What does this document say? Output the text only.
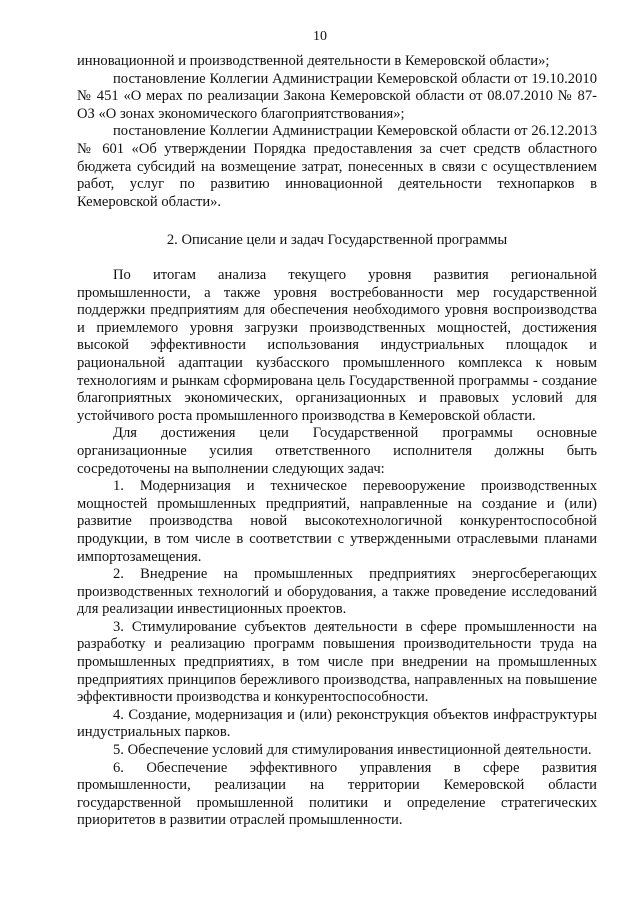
10

инновационной и производственной деятельности в Кемеровской области»;

постановление Коллегии Администрации Кемеровской области от 19.10.2010 № 451 «О мерах по реализации Закона Кемеровской области от 08.07.2010 № 87-ОЗ «О зонах экономического благоприятствования»;

постановление Коллегии Администрации Кемеровской области от 26.12.2013 № 601 «Об утверждении Порядка предоставления за счет средств областного бюджета субсидий на возмещение затрат, понесенных в связи с осуществлением работ, услуг по развитию инновационной деятельности технопарков в Кемеровской области».

2. Описание цели и задач Государственной программы

По итогам анализа текущего уровня развития региональной промышленности, а также уровня востребованности мер государственной поддержки предприятиям для обеспечения необходимого уровня воспроизводства и приемлемого уровня загрузки производственных мощностей, достижения высокой эффективности использования индустриальных площадок и рациональной адаптации кузбасского промышленного комплекса к новым технологиям и рынкам сформирована цель Государственной программы - создание благоприятных экономических, организационных и правовых условий для устойчивого роста промышленного производства в Кемеровской области.

Для достижения цели Государственной программы основные организационные усилия ответственного исполнителя должны быть сосредоточены на выполнении следующих задач:

1. Модернизация и техническое перевооружение производственных мощностей промышленных предприятий, направленные на создание и (или) развитие производства новой высокотехнологичной конкурентоспособной продукции, в том числе в соответствии с утвержденными отраслевыми планами импортозамещения.

2. Внедрение на промышленных предприятиях энергосберегающих производственных технологий и оборудования, а также проведение исследований для реализации инвестиционных проектов.

3. Стимулирование субъектов деятельности в сфере промышленности на разработку и реализацию программ повышения производительности труда на промышленных предприятиях, в том числе при внедрении на промышленных предприятиях принципов бережливого производства, направленных на повышение эффективности производства и конкурентоспособности.

4. Создание, модернизация и (или) реконструкция объектов инфраструктуры индустриальных парков.

5. Обеспечение условий для стимулирования инвестиционной деятельности.

6. Обеспечение эффективного управления в сфере развития промышленности, реализации на территории Кемеровской области государственной промышленной политики и определение стратегических приоритетов в развитии отраслей промышленности.
